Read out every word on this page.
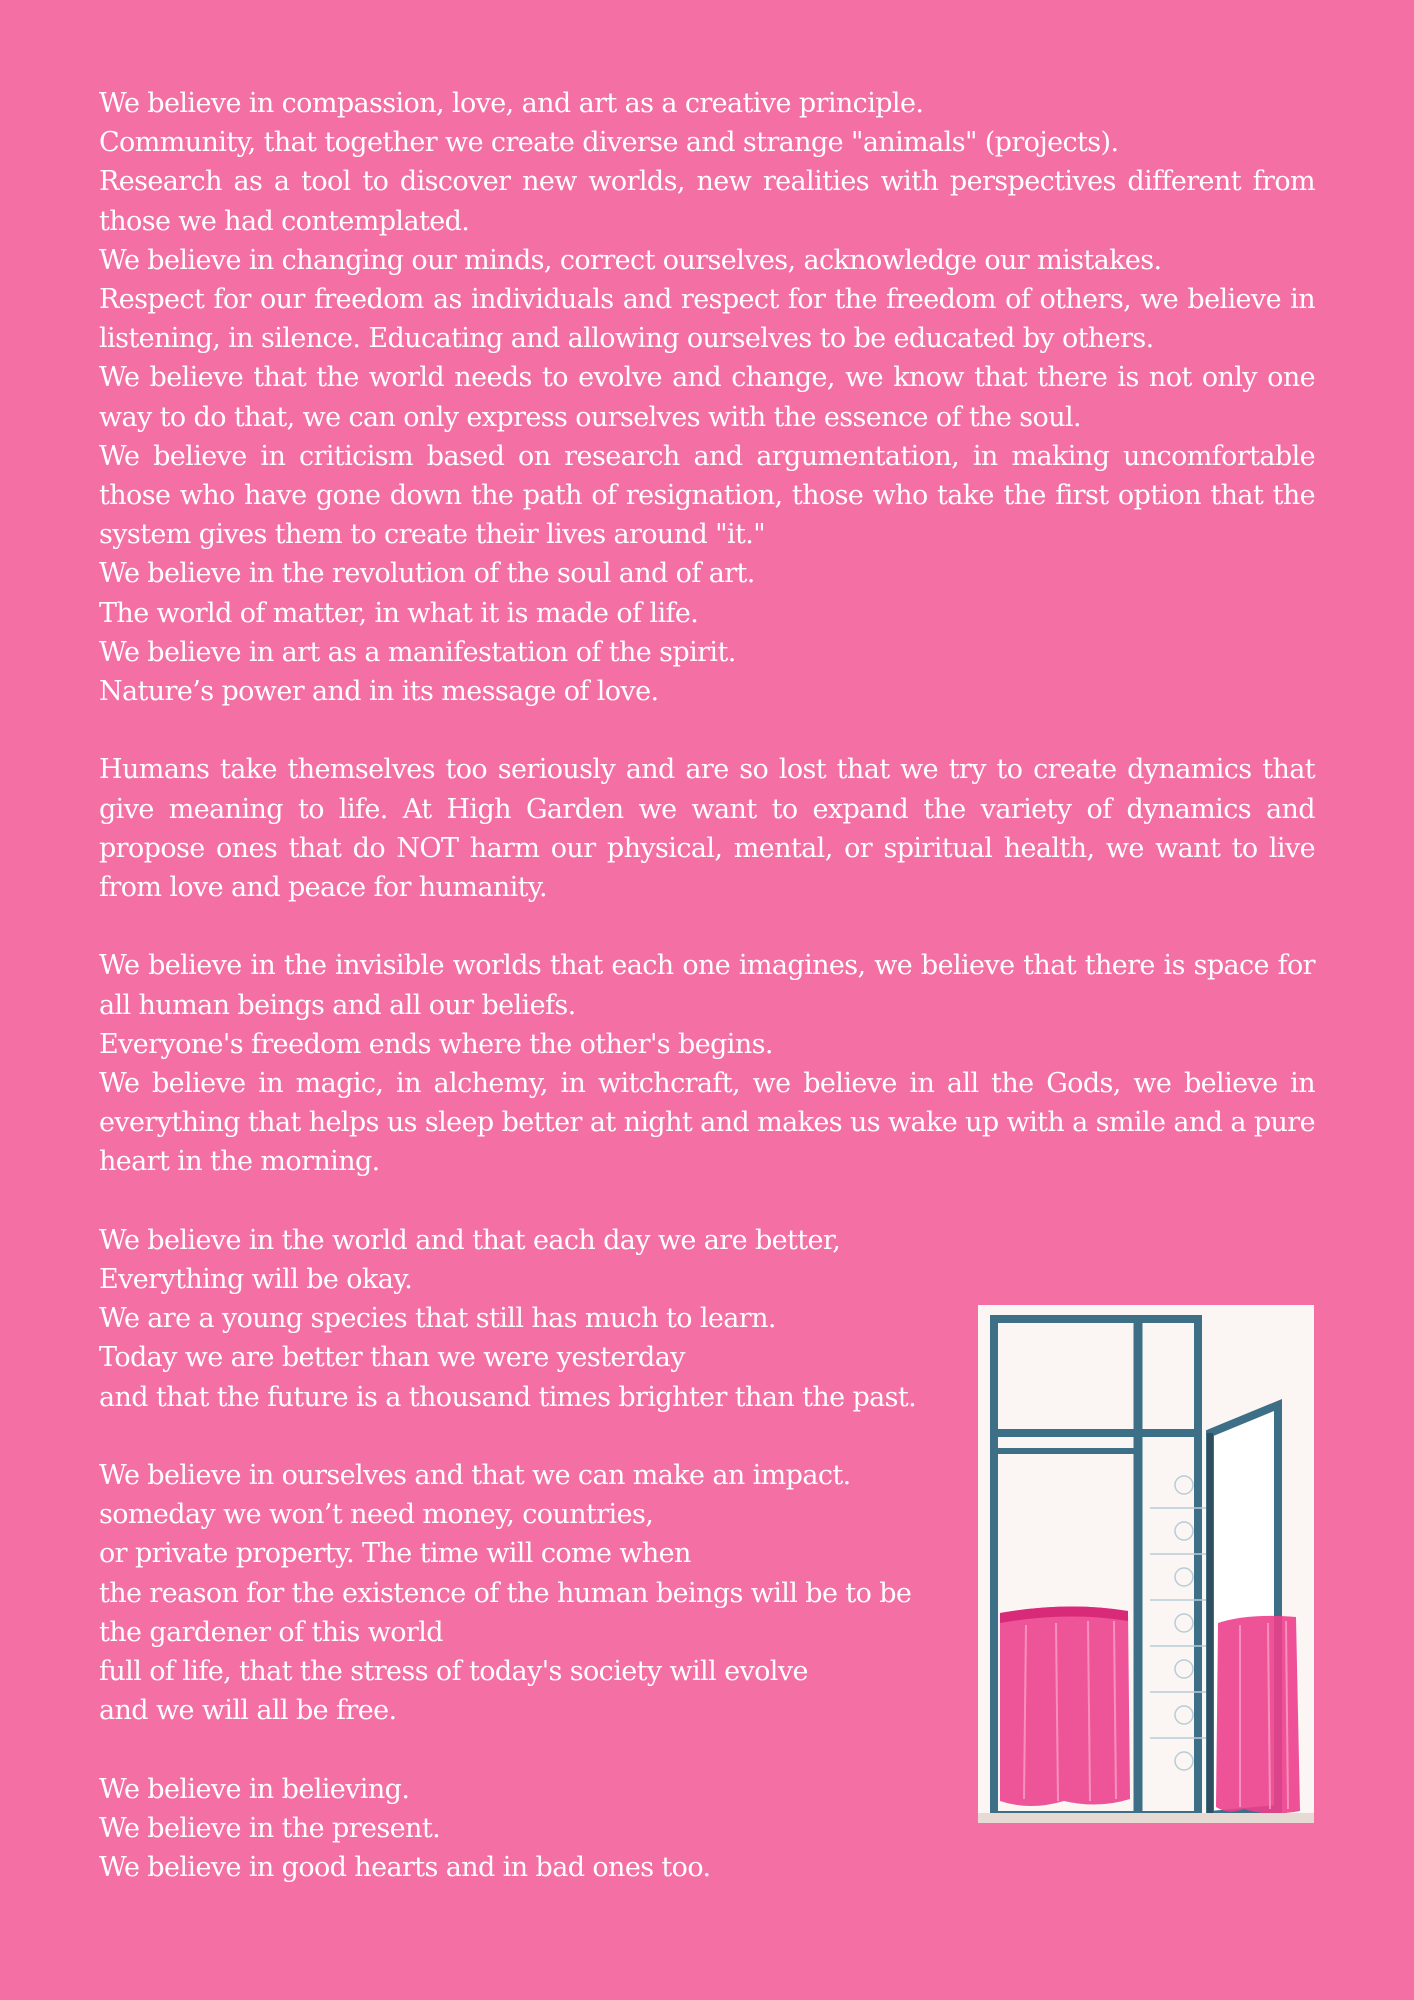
We believe in compassion, love, and art as a creative principle.

Community, that together we create diverse and strange "animals" (projects).

Research as a tool to discover new worlds, new realities with perspectives different from those we had contemplated.

We believe in changing our minds, correct ourselves, acknowledge our mistakes.

Respect for our freedom as individuals and respect for the freedom of others, we believe in listening, in silence. Educating and allowing ourselves to be educated by others.

We believe that the world needs to evolve and change, we know that there is not only one way to do that, we can only express ourselves with the essence of the soul.

We believe in criticism based on research and argumentation, in making uncomfortable those who have gone down the path of resignation, those who take the first option that the system gives them to create their lives around "it."

We believe in the revolution of the soul and of art.

The world of matter, in what it is made of life.

We believe in art as a manifestation of the spirit.

Nature’s power and in its message of love.

Humans take themselves too seriously and are so lost that we try to create dynamics that give meaning to life. At High Garden we want to expand the variety of dynamics and propose ones that do NOT harm our physical, mental, or spiritual health, we want to live from love and peace for humanity.

We believe in the invisible worlds that each one imagines, we believe that there is space for all human beings and all our beliefs.

Everyone's freedom ends where the other's begins.

We believe in magic, in alchemy, in witchcraft, we believe in all the Gods, we believe in everything that helps us sleep better at night and makes us wake up with a smile and a pure heart in the morning.

We believe in the world and that each day we are better,

Everything will be okay.

We are a young species that still has much to learn.

Today we are better than we were yesterday

and that the future is a thousand times brighter than the past.

We believe in ourselves and that we can make an impact.

someday we won’t need money, countries,

or private property. The time will come when

the reason for the existence of the human beings will be to be

the gardener of this world

full of life, that the stress of today's society will evolve

and we will all be free.

We believe in believing.

We believe in the present.

We believe in good hearts and in bad ones too.
